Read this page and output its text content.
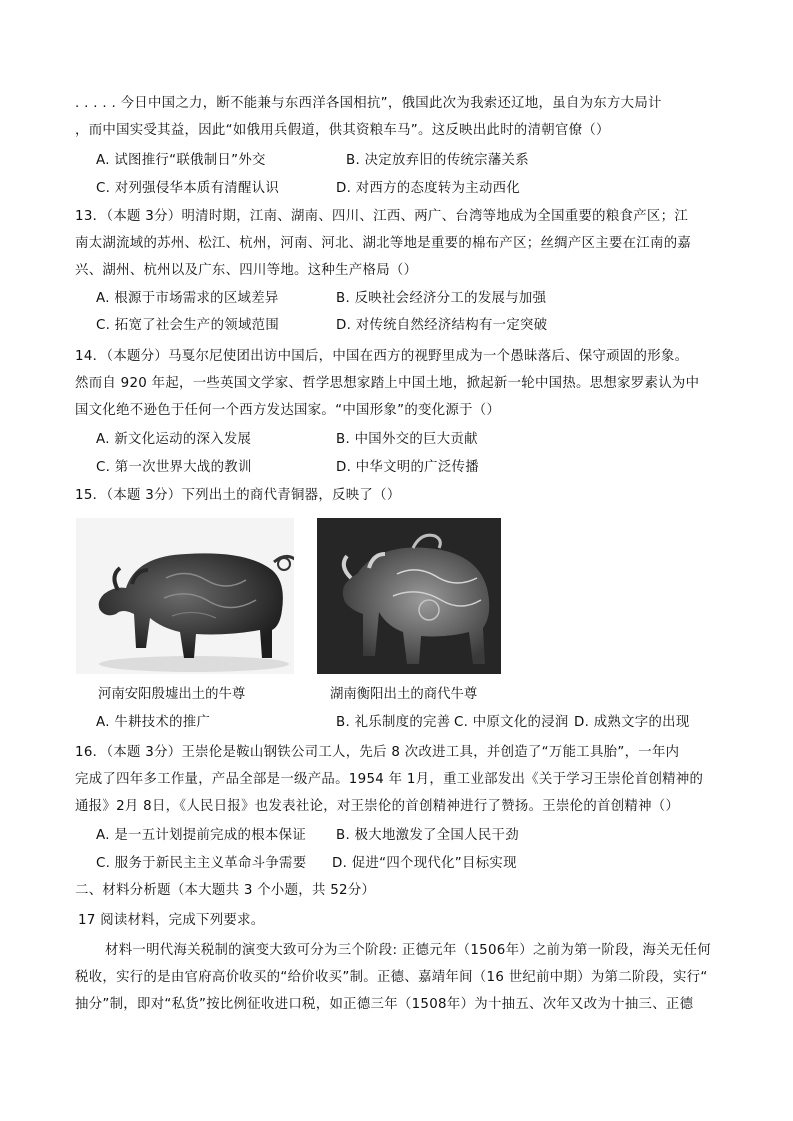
. . . . . 今日中国之力，断不能兼与东西洋各国相抗”，俄国此次为我索还辽地，虽自为东方大局计
，而中国实受其益，因此“如俄用兵假道，供其资粮车马”。这反映出此时的清朝官僚（）
A. 试图推行“联俄制日”外交	B. 决定放弃旧的传统宗藩关系
C. 对列强侵华本质有清醒认识	D. 对西方的态度转为主动西化
13．（本题 3分）明清时期，江南、湖南、四川、江西、两广、台湾等地成为全国重要的粮食产区；江
南太湖流域的苏州、松江、杭州，河南、河北、湖北等地是重要的棉布产区；丝绸产区主要在江南的嘉
兴、湖州、杭州以及广东、四川等地。这种生产格局（）
A. 根源于市场需求的区域差异	B. 反映社会经济分工的发展与加强
C. 拓宽了社会生产的领域范围	D. 对传统自然经济结构有一定突破
14．（本题分）马戛尔尼使团出访中国后，中国在西方的视野里成为一个愚昧落后、保守顽固的形象。
然而自 920 年起，一些英国文学家、哲学思想家踏上中国土地，掀起新一轮中国热。思想家罗素认为中
国文化绝不逊色于任何一个西方发达国家。“中国形象”的变化源于（）
A. 新文化运动的深入发展	B. 中国外交的巨大贡献
C. 第一次世界大战的教训	D. 中华文明的广泛传播
15．（本题 3分）下列出土的商代青铜器，反映了（）
河南安阳殷墟出土的牛尊	湖南衡阳出土的商代牛尊
A. 牛耕技术的推广	B. 礼乐制度的完善 C. 中原文化的浸润 D. 成熟文字的出现
16．（本题 3分）王崇伦是鞍山钢铁公司工人，先后 8 次改进工具，并创造了“万能工具胎”，一年内
完成了四年多工作量，产品全部是一级产品。1954 年 1月，重工业部发出《关于学习王崇伦首创精神的
通报》2月 8日，《人民日报》也发表社论，对王崇伦的首创精神进行了赞扬。王崇伦的首创精神（）
A. 是一五计划提前完成的根本保证 B. 极大地激发了全国人民干劲
C. 服务于新民主主义革命斗争需要 D. 促进“四个现代化”目标实现
二、材料分析题（本大题共 3 个小题，共 52分）
17 阅读材料，完成下列要求。
材料一明代海关税制的演变大致可分为三个阶段: 正德元年（1506年）之前为第一阶段，海关无任何
税收，实行的是由官府高价收买的“给价收买”制。正德、嘉靖年间（16 世纪前中期）为第二阶段，实行“
抽分”制，即对“私货”按比例征收进口税，如正德三年（1508年）为十抽五、次年又改为十抽三、正德
